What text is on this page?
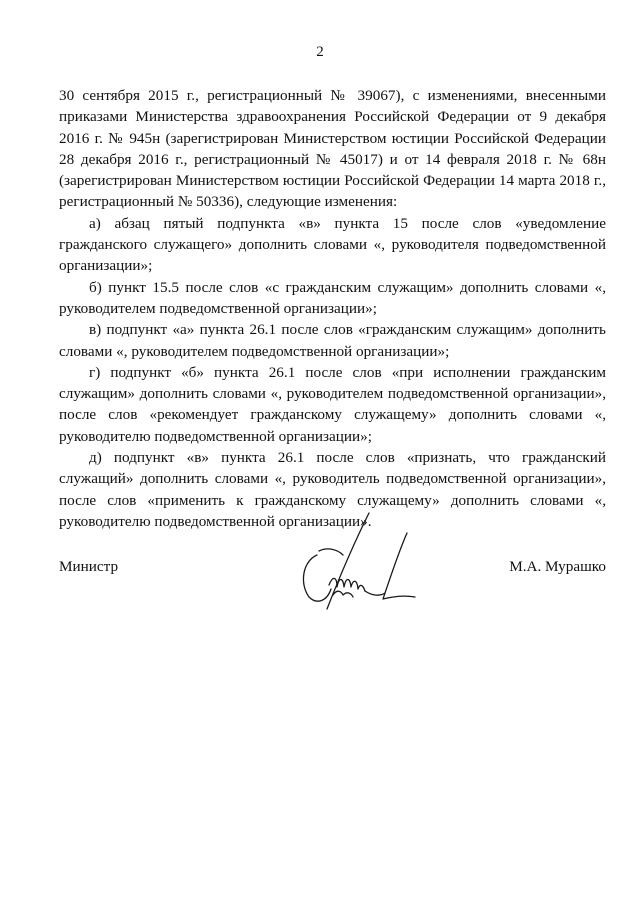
2

30 сентября 2015 г., регистрационный № 39067), с изменениями, внесенными приказами Министерства здравоохранения Российской Федерации от 9 декабря 2016 г. № 945н (зарегистрирован Министерством юстиции Российской Федерации 28 декабря 2016 г., регистрационный № 45017) и от 14 февраля 2018 г. № 68н (зарегистрирован Министерством юстиции Российской Федерации 14 марта 2018 г., регистрационный № 50336), следующие изменения:

а) абзац пятый подпункта «в» пункта 15 после слов «уведомление гражданского служащего» дополнить словами «, руководителя подведомственной организации»;

б) пункт 15.5 после слов «с гражданским служащим» дополнить словами «, руководителем подведомственной организации»;

в) подпункт «а» пункта 26.1 после слов «гражданским служащим» дополнить словами «, руководителем подведомственной организации»;

г) подпункт «б» пункта 26.1 после слов «при исполнении гражданским служащим» дополнить словами «, руководителем подведомственной организации», после слов «рекомендует гражданскому служащему» дополнить словами «, руководителю подведомственной организации»;

д) подпункт «в» пункта 26.1 после слов «признать, что гражданский служащий» дополнить словами «, руководитель подведомственной организации», после слов «применить к гражданскому служащему» дополнить словами «, руководителю подведомственной организации».

Министр	М.А. Мурашко
